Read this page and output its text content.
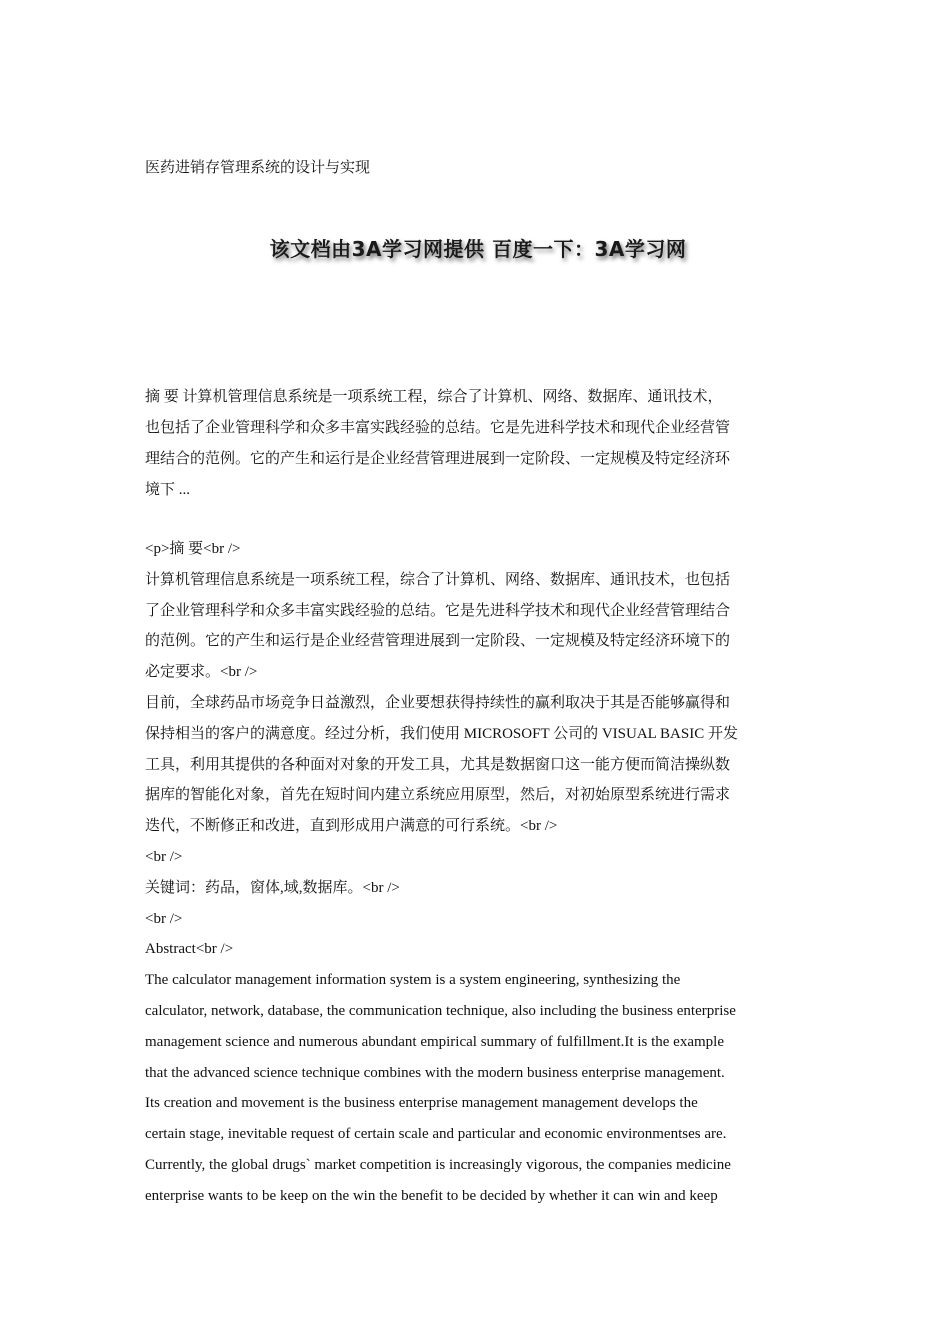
医药进销存管理系统的设计与实现
该文档由3A学习网提供 百度一下：3A学习网
摘 要 计算机管理信息系统是一项系统工程，综合了计算机、网络、数据库、通讯技术，
也包括了企业管理科学和众多丰富实践经验的总结。它是先进科学技术和现代企业经营管
理结合的范例。它的产生和运行是企业经营管理进展到一定阶段、一定规模及特定经济环
境下 ...
<p>摘 要<br />
计算机管理信息系统是一项系统工程，综合了计算机、网络、数据库、通讯技术，也包括
了企业管理科学和众多丰富实践经验的总结。它是先进科学技术和现代企业经营管理结合
的范例。它的产生和运行是企业经营管理进展到一定阶段、一定规模及特定经济环境下的
必定要求。<br />
目前，全球药品市场竞争日益激烈，企业要想获得持续性的赢利取决于其是否能够赢得和
保持相当的客户的满意度。经过分析，我们使用 MICROSOFT 公司的 VISUAL BASIC 开发
工具，利用其提供的各种面对对象的开发工具，尤其是数据窗口这一能方便而简洁操纵数
据库的智能化对象，首先在短时间内建立系统应用原型，然后，对初始原型系统进行需求
迭代，不断修正和改进，直到形成用户满意的可行系统。<br />
<br />
关键词：药品，窗体,域,数据库。<br />
<br />
Abstract<br />
The calculator management information system is a system engineering, synthesizing the
calculator, network, database, the communication technique, also including the business enterprise
management science and numerous abundant empirical summary of fulfillment.It is the example
that the advanced science technique combines with the modern business enterprise management.
Its creation and movement is the business enterprise management management develops the
certain stage, inevitable request of certain scale and particular and economic environmentses are.
Currently, the global drugs` market competition is increasingly vigorous, the companies medicine
enterprise wants to be keep on the win the benefit to be decided by whether it can win and keep
